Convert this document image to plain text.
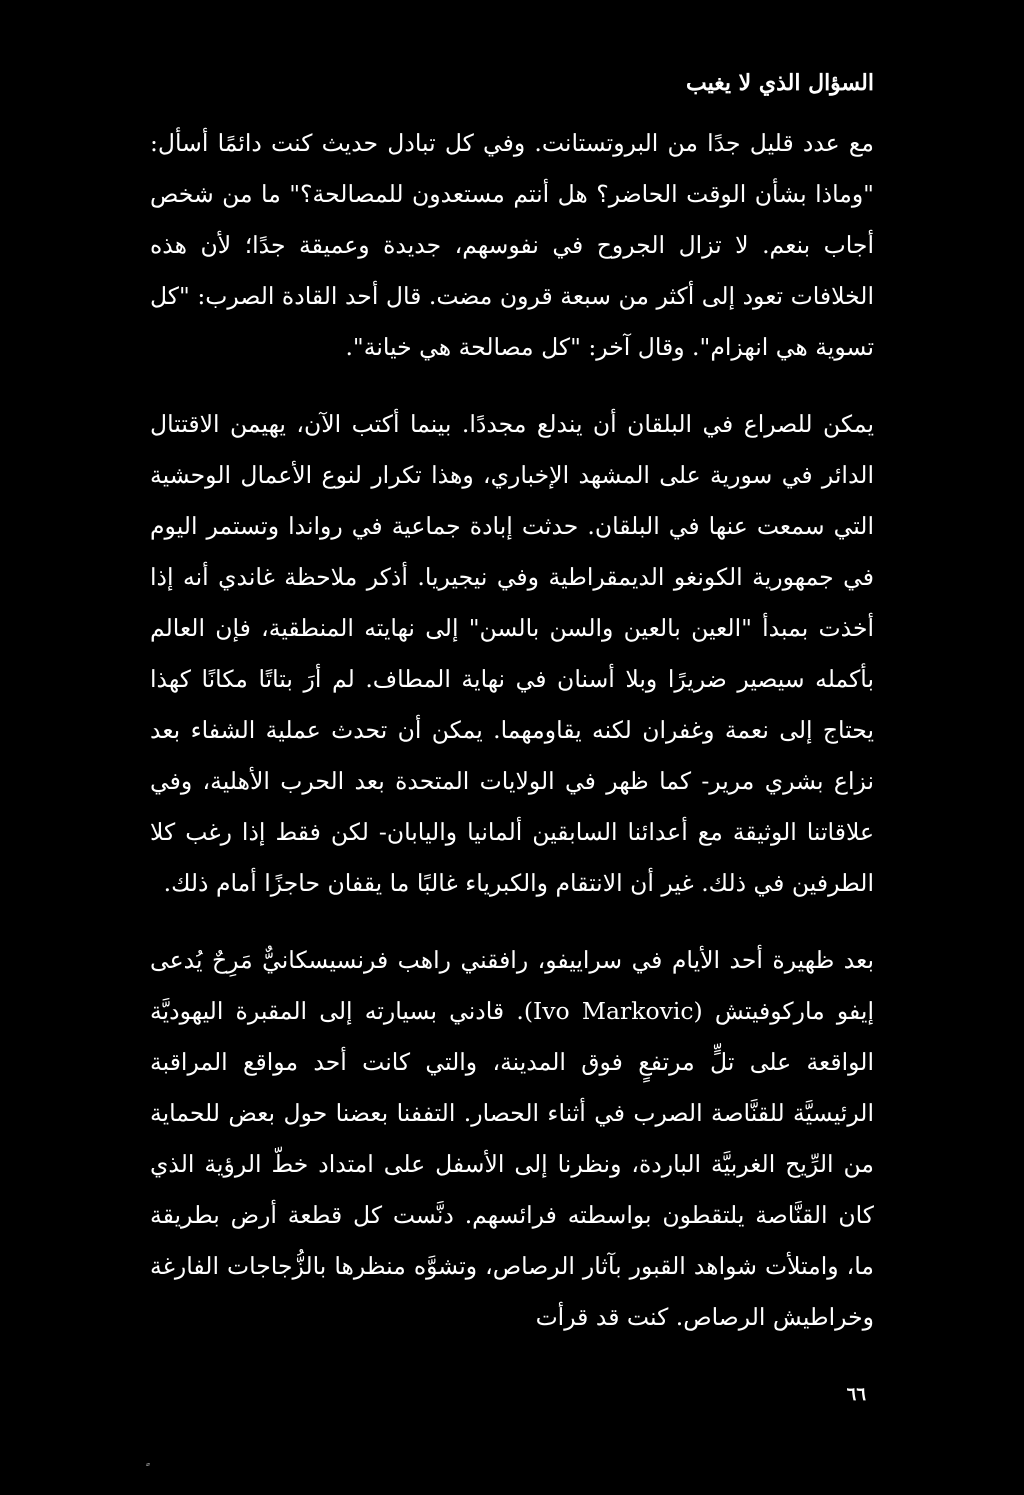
السؤال الذي لا يغيب

مع عدد قليل جدًا من البروتستانت. وفي كل تبادل حديث كنت دائمًا أسأل: "وماذا بشأن الوقت الحاضر؟ هل أنتم مستعدون للمصالحة؟" ما من شخص أجاب بنعم. لا تزال الجروح في نفوسهم، جديدة وعميقة جدًا؛ لأن هذه الخلافات تعود إلى أكثر من سبعة قرون مضت. قال أحد القادة الصرب: "كل تسوية هي انهزام". وقال آخر: "كل مصالحة هي خيانة".

يمكن للصراع في البلقان أن يندلع مجددًا. بينما أكتب الآن، يهيمن الاقتتال الدائر في سورية على المشهد الإخباري، وهذا تكرار لنوع الأعمال الوحشية التي سمعت عنها في البلقان. حدثت إبادة جماعية في رواندا وتستمر اليوم في جمهورية الكونغو الديمقراطية وفي نيجيريا. أذكر ملاحظة غاندي أنه إذا أخذت بمبدأ "العين بالعين والسن بالسن" إلى نهايته المنطقية، فإن العالم بأكمله سيصير ضريرًا وبلا أسنان في نهاية المطاف. لم أرَ بتاتًا مكانًا كهذا يحتاج إلى نعمة وغفران لكنه يقاومهما. يمكن أن تحدث عملية الشفاء بعد نزاع بشري مرير- كما ظهر في الولايات المتحدة بعد الحرب الأهلية، وفي علاقاتنا الوثيقة مع أعدائنا السابقين ألمانيا واليابان- لكن فقط إذا رغب كلا الطرفين في ذلك. غير أن الانتقام والكبرياء غالبًا ما يقفان حاجزًا أمام ذلك.

بعد ظهيرة أحد الأيام في سراييفو، رافقني راهب فرنسيسكانيٌّ مَرِحٌ يُدعى إيفو ماركوفيتش (Ivo Markovic). قادني بسيارته إلى المقبرة اليهوديَّة الواقعة على تلٍّ مرتفعٍ فوق المدينة، والتي كانت أحد مواقع المراقبة الرئيسيَّة للقنَّاصة الصرب في أثناء الحصار. التففنا بعضنا حول بعض للحماية من الرِّيح الغربيَّة الباردة، ونظرنا إلى الأسفل على امتداد خطّ الرؤية الذي كان القنَّاصة يلتقطون بواسطته فرائسهم. دنَّست كل قطعة أرض بطريقة ما، وامتلأت شواهد القبور بآثار الرصاص، وتشوَّه منظرها بالزُّجاجات الفارغة وخراطيش الرصاص. كنت قد قرأت

٦٦
